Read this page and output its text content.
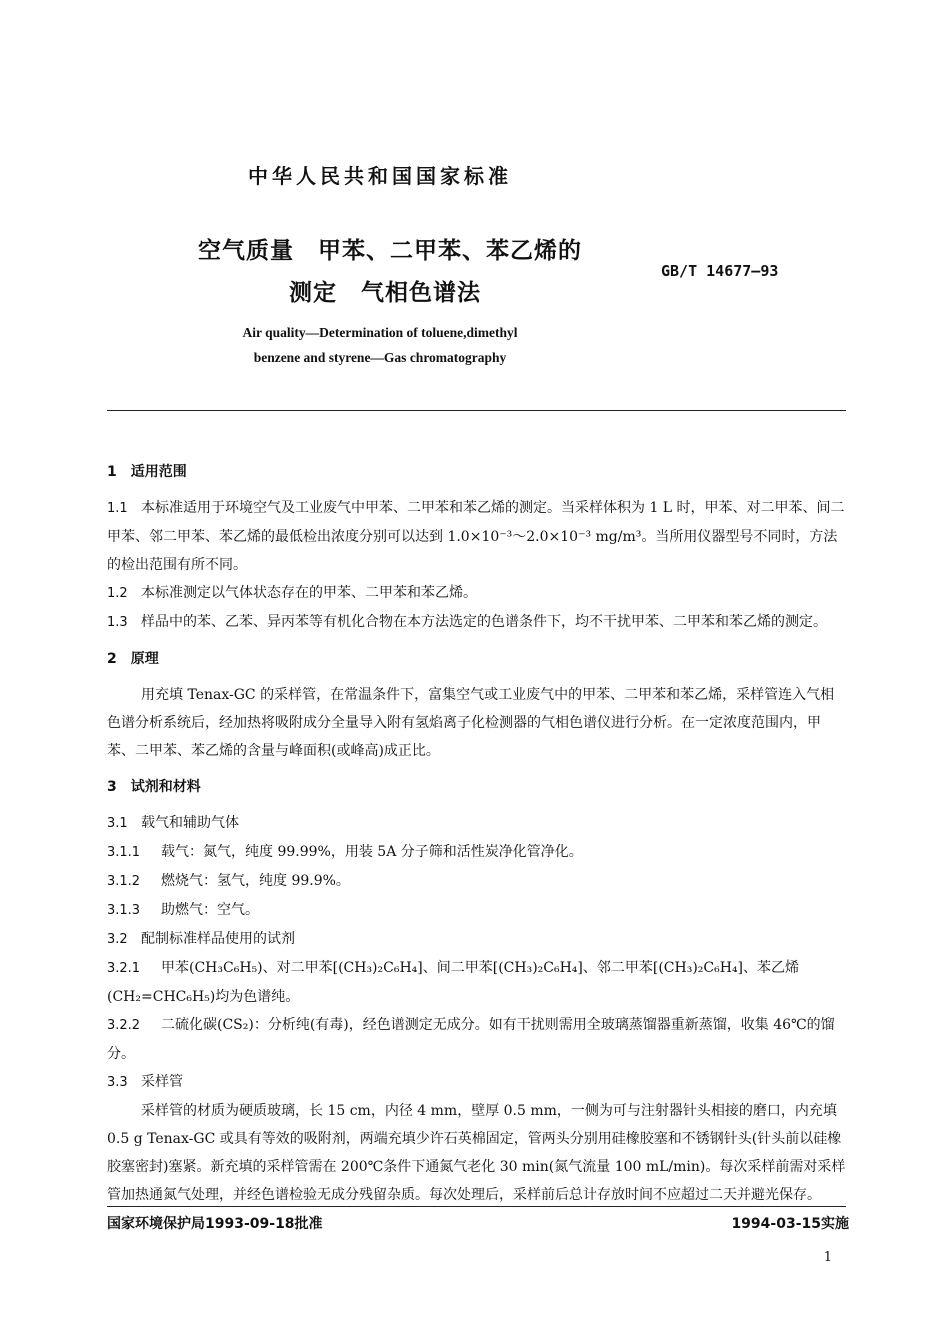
中华人民共和国国家标准
空气质量　甲苯、二甲苯、苯乙烯的
测定　气相色谱法
GB/T 14677—93
Air quality—Determination of toluene,dimethyl
benzene and styrene—Gas chromatography

1　适用范围

1.1 本标准适用于环境空气及工业废气中甲苯、二甲苯和苯乙烯的测定。当采样体积为 1 L 时，甲苯、对二甲苯、间二甲苯、邻二甲苯、苯乙烯的最低检出浓度分别可以达到 1.0×10⁻³～2.0×10⁻³ mg/m³。当所用仪器型号不同时，方法的检出范围有所不同。

1.2 本标准测定以气体状态存在的甲苯、二甲苯和苯乙烯。

1.3 样品中的苯、乙苯、异丙苯等有机化合物在本方法选定的色谱条件下，均不干扰甲苯、二甲苯和苯乙烯的测定。

2　原理

用充填 Tenax-GC 的采样管，在常温条件下，富集空气或工业废气中的甲苯、二甲苯和苯乙烯，采样管连入气相色谱分析系统后，经加热将吸附成分全量导入附有氢焰离子化检测器的气相色谱仪进行分析。在一定浓度范围内，甲苯、二甲苯、苯乙烯的含量与峰面积(或峰高)成正比。

3　试剂和材料

3.1 载气和辅助气体

3.1.1 载气：氮气，纯度 99.99%，用装 5A 分子筛和活性炭净化管净化。

3.1.2 燃烧气：氢气，纯度 99.9%。

3.1.3 助燃气：空气。

3.2 配制标准样品使用的试剂

3.2.1 甲苯(CH₃C₆H₅)、对二甲苯[(CH₃)₂C₆H₄]、间二甲苯[(CH₃)₂C₆H₄]、邻二甲苯[(CH₃)₂C₆H₄]、苯乙烯(CH₂=CHC₆H₅)均为色谱纯。

3.2.2 二硫化碳(CS₂)：分析纯(有毒)，经色谱测定无成分。如有干扰则需用全玻璃蒸馏器重新蒸馏，收集 46℃的馏分。

3.3 采样管

采样管的材质为硬质玻璃，长 15 cm，内径 4 mm，壁厚 0.5 mm，一侧为可与注射器针头相接的磨口，内充填 0.5 g Tenax-GC 或具有等效的吸附剂，两端充填少许石英棉固定，管两头分别用硅橡胶塞和不锈钢针头(针头前以硅橡胶塞密封)塞紧。新充填的采样管需在 200℃条件下通氮气老化 30 min(氮气流量 100 mL/min)。每次采样前需对采样管加热通氮气处理，并经色谱检验无成分残留杂质。每次处理后，采样前后总计存放时间不应超过二天并避光保存。

国家环境保护局1993-09-18批准	1994-03-15实施
1
